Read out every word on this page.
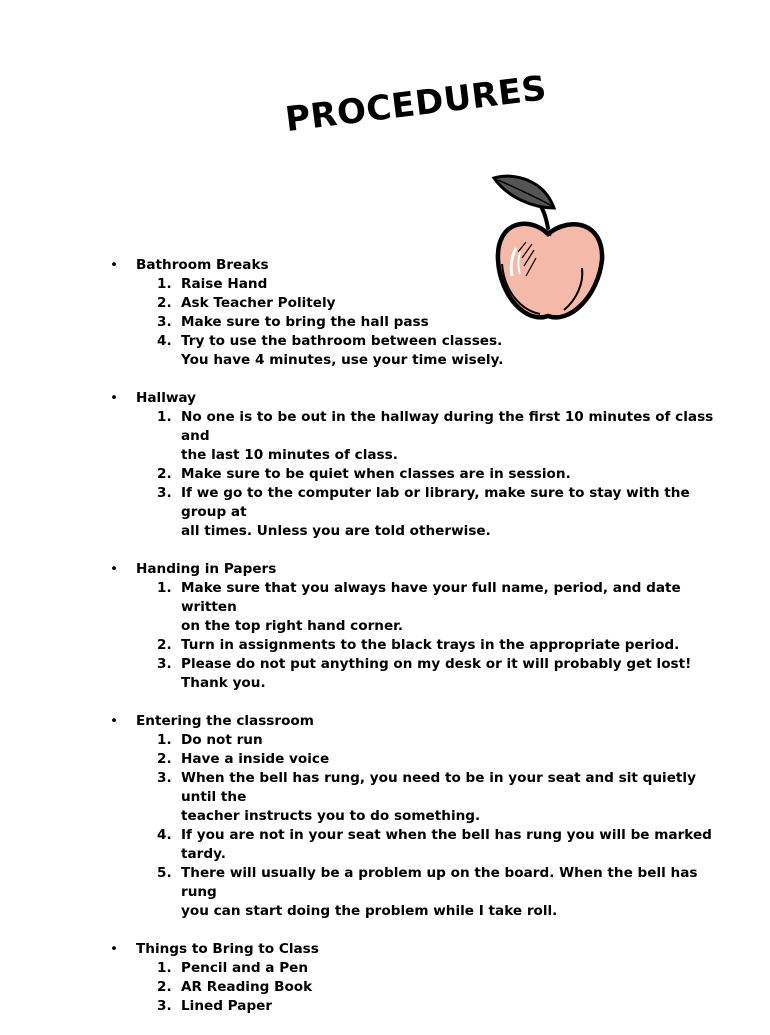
PROCEDURES
• Bathroom Breaks
1. Raise Hand
2. Ask Teacher Politely
3. Make sure to bring the hall pass
4. Try to use the bathroom between classes.
You have 4 minutes, use your time wisely.
• Hallway
1. No one is to be out in the hallway during the first 10 minutes of class and
the last 10 minutes of class.
2. Make sure to be quiet when classes are in session.
3. If we go to the computer lab or library, make sure to stay with the group at
all times. Unless you are told otherwise.
• Handing in Papers
1. Make sure that you always have your full name, period, and date written
on the top right hand corner.
2. Turn in assignments to the black trays in the appropriate period.
3. Please do not put anything on my desk or it will probably get lost!
Thank you.
• Entering the classroom
1. Do not run
2. Have a inside voice
3. When the bell has rung, you need to be in your seat and sit quietly until the
teacher instructs you to do something.
4. If you are not in your seat when the bell has rung you will be marked tardy.
5. There will usually be a problem up on the board. When the bell has rung
you can start doing the problem while I take roll.
• Things to Bring to Class
1. Pencil and a Pen
2. AR Reading Book
3. Lined Paper
